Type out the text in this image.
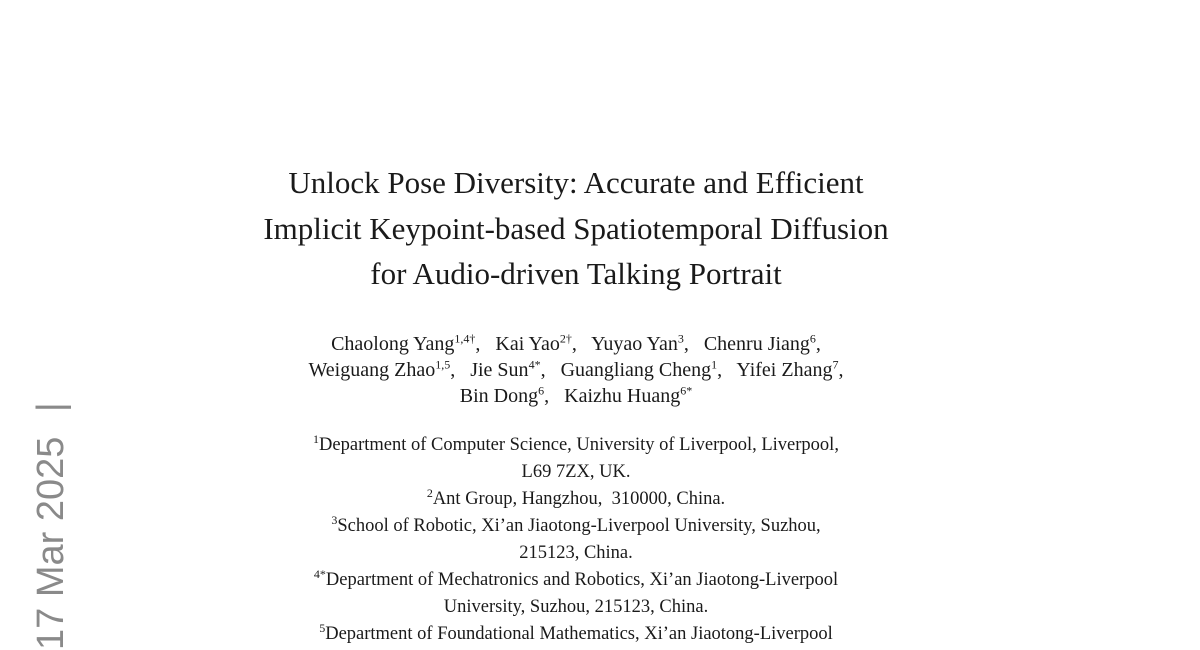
17 Mar 2025 |
Unlock Pose Diversity: Accurate and Efficient
Implicit Keypoint-based Spatiotemporal Diffusion
for Audio-driven Talking Portrait
Chaolong Yang$^{1,4\dagger}$, Kai Yao$^{2\dagger}$, Yuyao Yan$^3$, Chenru Jiang$^6$,
Weiguang Zhao$^{1,5}$, Jie Sun$^{4*}$, Guangliang Cheng$^1$, Yifei Zhang$^7$,
Bin Dong$^6$, Kaizhu Huang$^{6*}$
$^1$Department of Computer Science, University of Liverpool, Liverpool,
L69 7ZX, UK.
$^2$Ant Group, Hangzhou,  310000, China.
$^3$School of Robotic, Xi’an Jiaotong-Liverpool University, Suzhou,
215123, China.
$^{4*}$Department of Mechatronics and Robotics, Xi’an Jiaotong-Liverpool
University, Suzhou, 215123, China.
$^5$Department of Foundational Mathematics, Xi’an Jiaotong-Liverpool
